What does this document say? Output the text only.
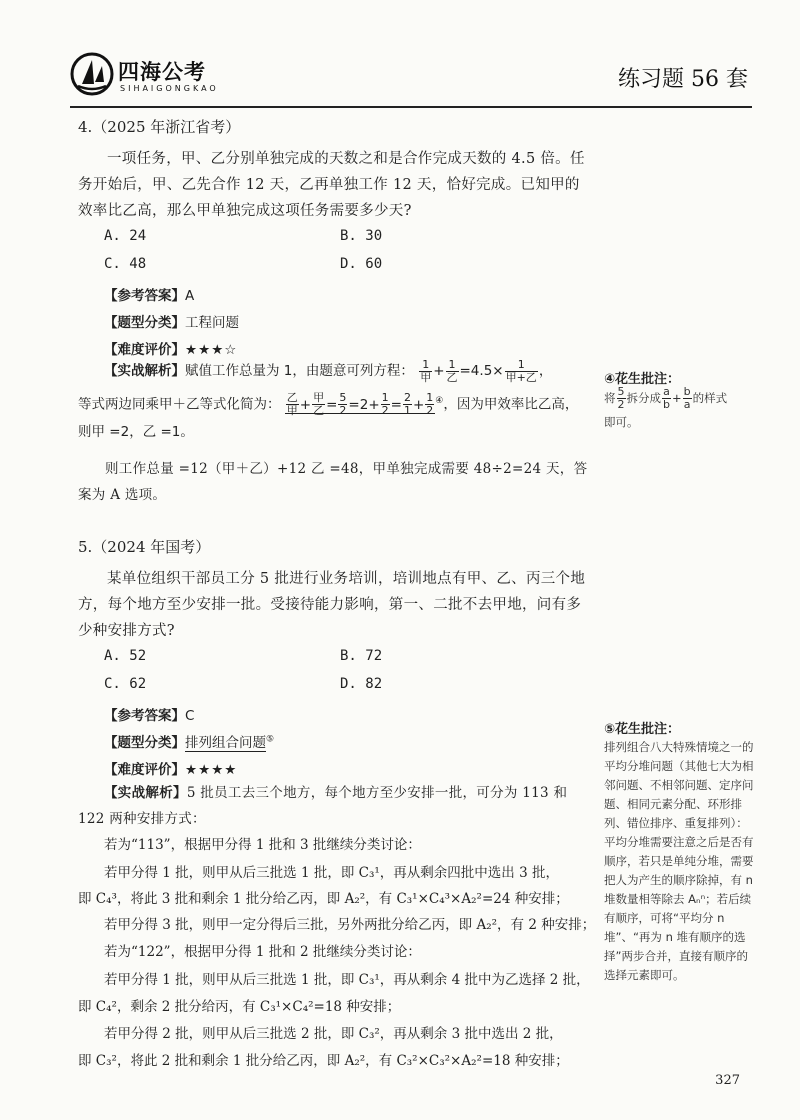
四海公考
SIHAIGONGKAO	练习题 56 套
4.（2025 年浙江省考）
一项任务，甲、乙分别单独完成的天数之和是合作完成天数的 4.5 倍。任务开始后，甲、乙先合作 12 天，乙再单独工作 12 天，恰好完成。已知甲的效率比乙高，那么甲单独完成这项任务需要多少天?
A. 24	B. 30
C. 48	D. 60
【参考答案】A
【题型分类】工程问题
【难度评价】★★★☆
【实战解析】赋值工作总量为 1，由题意可列方程： $\frac{1}{\text{甲}} + \frac{1}{\text{乙}} =4.5\times \frac{1}{\text{甲+乙}}$ ，
等式两边同乘甲＋乙等式化简为： $\frac{\text{乙}}{\text{甲}} + \frac{\text{甲}}{\text{乙}} = \frac{5}{2} =2+ \frac{1}{2} = \frac{2}{1} + \frac{1}{2} ^④$，因为甲效率比乙高，
则甲 =2，乙 =1。
则工作总量 =12（甲＋乙）+12 乙 =48，甲单独完成需要 48÷2=24 天，答案为 A 选项。
④花生批注：
将 $\frac{5}{2}$ 拆分成 $\frac{a}{b} + \frac{b}{a}$ 的样式
即可。
5.（2024 年国考）
某单位组织干部员工分 5 批进行业务培训，培训地点有甲、乙、丙三个地方，每个地方至少安排一批。受接待能力影响，第一、二批不去甲地，问有多少种安排方式?
A. 52	B. 72
C. 62	D. 82
【参考答案】C
【题型分类】排列组合问题⑤
【难度评价】★★★★
【实战解析】5 批员工去三个地方，每个地方至少安排一批，可分为 113 和 122 两种安排方式：
若为“113”，根据甲分得 1 批和 3 批继续分类讨论：
若甲分得 1 批，则甲从后三批选 1 批，即 C₃¹，再从剩余四批中选出 3 批，
即 C₄³，将此 3 批和剩余 1 批分给乙丙，即 A₂²，有 C₃¹×C₄³×A₂²=24 种安排；
若甲分得 3 批，则甲一定分得后三批，另外两批分给乙丙，即 A₂²，有 2 种安排；
若为“122”，根据甲分得 1 批和 2 批继续分类讨论：
若甲分得 1 批，则甲从后三批选 1 批，即 C₃¹，再从剩余 4 批中为乙选择 2 批，
即 C₄²，剩余 2 批分给丙，有 C₃¹×C₄²=18 种安排；
若甲分得 2 批，则甲从后三批选 2 批，即 C₃²，再从剩余 3 批中选出 2 批，
即 C₃²，将此 2 批和剩余 1 批分给乙丙，即 A₂²，有 C₃²×C₃²×A₂²=18 种安排；
⑤花生批注：
排列组合八大特殊情境之一的平均分堆问题（其他七大为相邻问题、不相邻问题、定序问题、相同元素分配、环形排列、错位排序、重复排列）：平均分堆需要注意之后是否有顺序，若只是单纯分堆，需要把人为产生的顺序除掉，有 n 堆数量相等除去 Aₙⁿ；若后续有顺序，可将“平均分 n 堆”、“再为 n 堆有顺序的选择”两步合并，直接有顺序的选择元素即可。
327
